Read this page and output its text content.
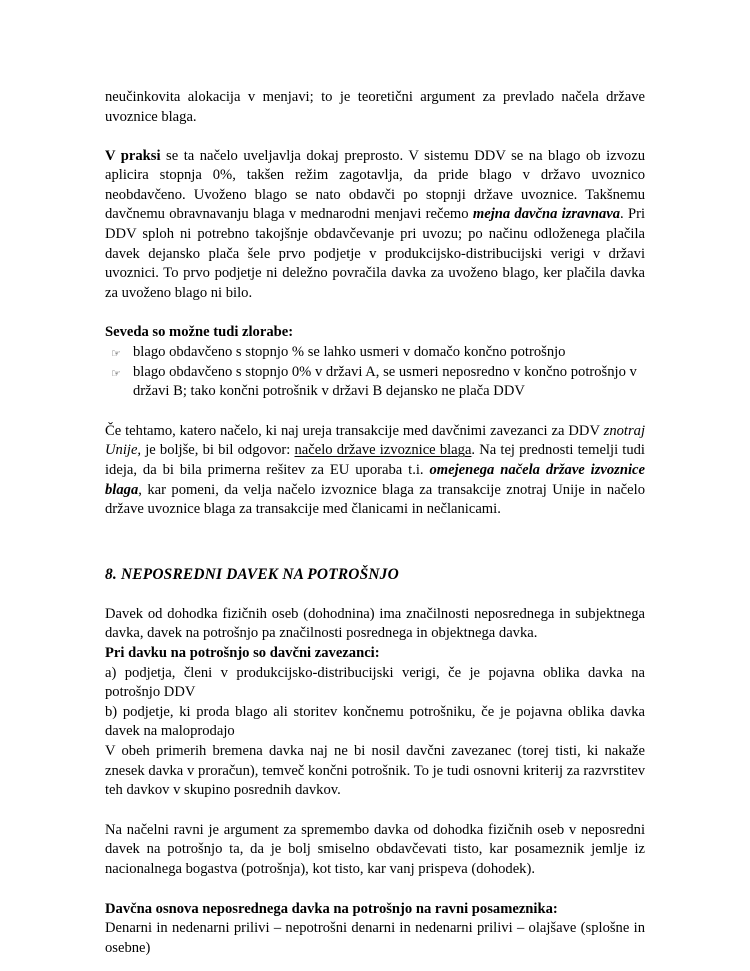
neučinkovita alokacija v menjavi; to je teoretični argument za prevlado načela države uvoznice blaga.

V praksi se ta načelo uveljavlja dokaj preprosto. V sistemu DDV se na blago ob izvozu aplicira stopnja 0%, takšen režim zagotavlja, da pride blago v državo uvoznico neobdavčeno. Uvoženo blago se nato obdavči po stopnji države uvoznice. Takšnemu davčnemu obravnavanju blaga v mednarodni menjavi rečemo mejna davčna izravnava. Pri DDV sploh ni potrebno takojšnje obdavčevanje pri uvozu; po načinu odloženega plačila davek dejansko plača šele prvo podjetje v produkcijsko-distribucijski verigi v državi uvoznici. To prvo podjetje ni deležno povračila davka za uvoženo blago, ker plačila davka za uvoženo blago ni bilo.

Seveda so možne tudi zlorabe:

☞ blago obdavčeno s stopnjo % se lahko usmeri v domačo končno potrošnjo
☞ blago obdavčeno s stopnjo 0% v državi A, se usmeri neposredno v končno potrošnjo v državi B; tako končni potrošnik v državi B dejansko ne plača DDV

Če tehtamo, katero načelo, ki naj ureja transakcije med davčnimi zavezanci za DDV znotraj Unije, je boljše, bi bil odgovor: načelo države izvoznice blaga. Na tej prednosti temelji tudi ideja, da bi bila primerna rešitev za EU uporaba t.i. omejenega načela države izvoznice blaga, kar pomeni, da velja načelo izvoznice blaga za transakcije znotraj Unije in načelo države uvoznice blaga za transakcije med članicami in nečlanicami.

8. NEPOSREDNI DAVEK NA POTROŠNJO

Davek od dohodka fizičnih oseb (dohodnina) ima značilnosti neposrednega in subjektnega davka, davek na potrošnjo pa značilnosti posrednega in objektnega davka.

Pri davku na potrošnjo so davčni zavezanci:

a) podjetja, členi v produkcijsko-distribucijski verigi, če je pojavna oblika davka na potrošnjo DDV

b) podjetje, ki proda blago ali storitev končnemu potrošniku, če je pojavna oblika davka davek na maloprodajo

V obeh primerih bremena davka naj ne bi nosil davčni zavezanec (torej tisti, ki nakaže znesek davka v proračun), temveč končni potrošnik. To je tudi osnovni kriterij za razvrstitev teh davkov v skupino posrednih davkov.

Na načelni ravni je argument za spremembo davka od dohodka fizičnih oseb v neposredni davek na potrošnjo ta, da je bolj smiselno obdavčevati tisto, kar posameznik jemlje iz nacionalnega bogastva (potrošnja), kot tisto, kar vanj prispeva (dohodek).

Davčna osnova neposrednega davka na potrošnjo na ravni posameznika:

Denarni in nedenarni prilivi – nepotrošni denarni in nedenarni prilivi – olajšave (splošne in osebne)
